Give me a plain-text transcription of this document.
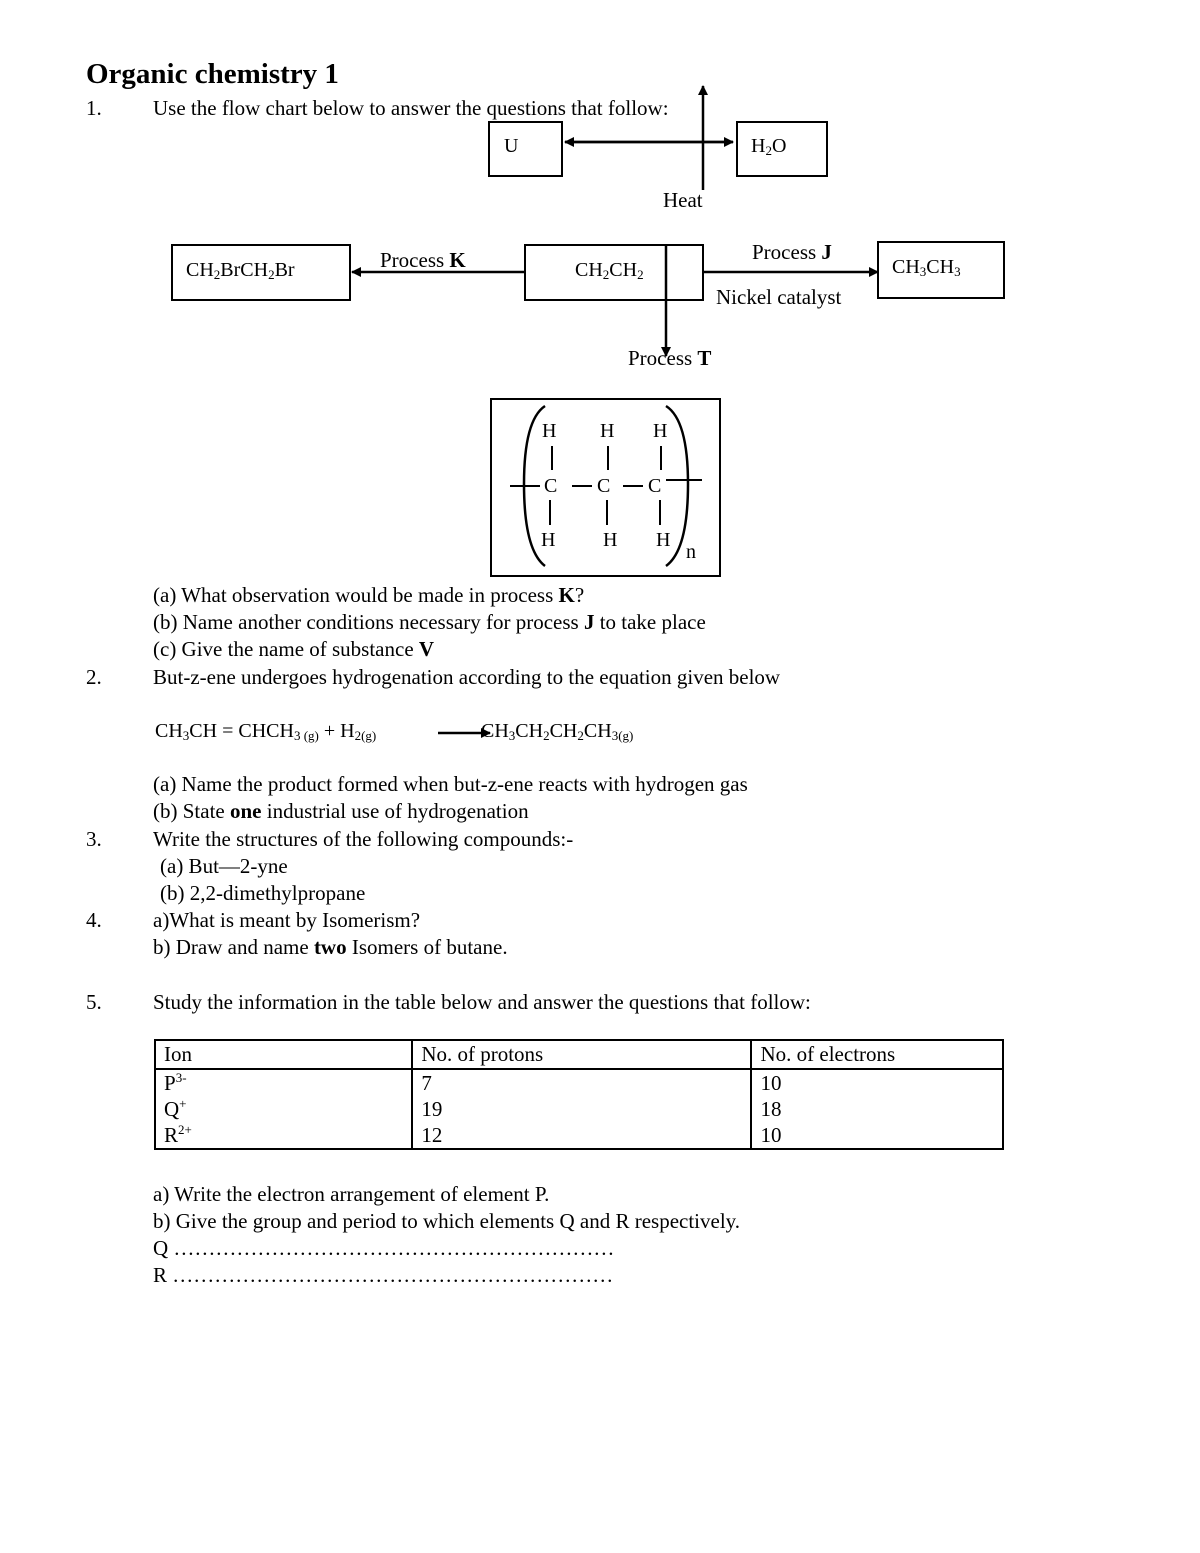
Organic chemistry 1
1. Use the flow chart below to answer the questions that follow:
U	$H_2O$
Heat
$CH_2BrCH_2Br$	Process K	$CH_2CH_2$
Process J
Nickel catalyst
$CH_3CH_3$
Process T
H H H
C C C
H H H
n
(a) What observation would be made in process K?
(b) Name another conditions necessary for process J to take place
(c) Give the name of substance V
2. But-z-ene undergoes hydrogenation according to the equation given below
$CH_3CH$ = $CHCH_3$ $_{(g)} + H_{2(g)}$	$CH_3CH_2CH_2CH_{3(g)}$
(a) Name the product formed when but-z-ene reacts with hydrogen gas
(b) State one industrial use of hydrogenation
3. Write the structures of the following compounds:-
(a) But—2-yne
(b) 2,2-dimethylpropane
4. a)What is meant by Isomerism?
b) Draw and name two Isomers of butane.
5. Study the information in the table below and answer the questions that follow:
Ion	No. of protons	No. of electrons
$P^{3-}$	7	10
Q+	19	18
$R^{2+}$	12	10
a) Write the electron arrangement of element P.
b) Give the group and period to which elements Q and R respectively.
Q ………………………………………………………
R ………………………………………………………
